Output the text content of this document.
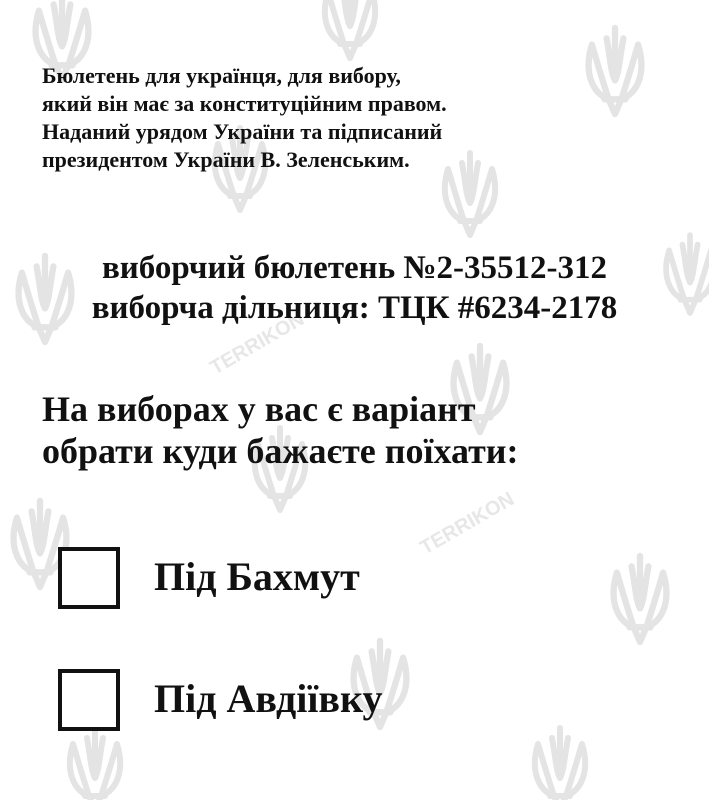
TERRIKON
TERRIKON
Бюлетень для українця, для вибору,
який він має за конституційним правом.
Наданий урядом України та підписаний
президентом України В. Зеленським.
виборчий бюлетень №2-35512-312
виборча дільниця: ТЦК #6234-2178
На виборах у вас є варіант
обрати куди бажаєте поїхати:
Під Бахмут
Під Авдіївку
